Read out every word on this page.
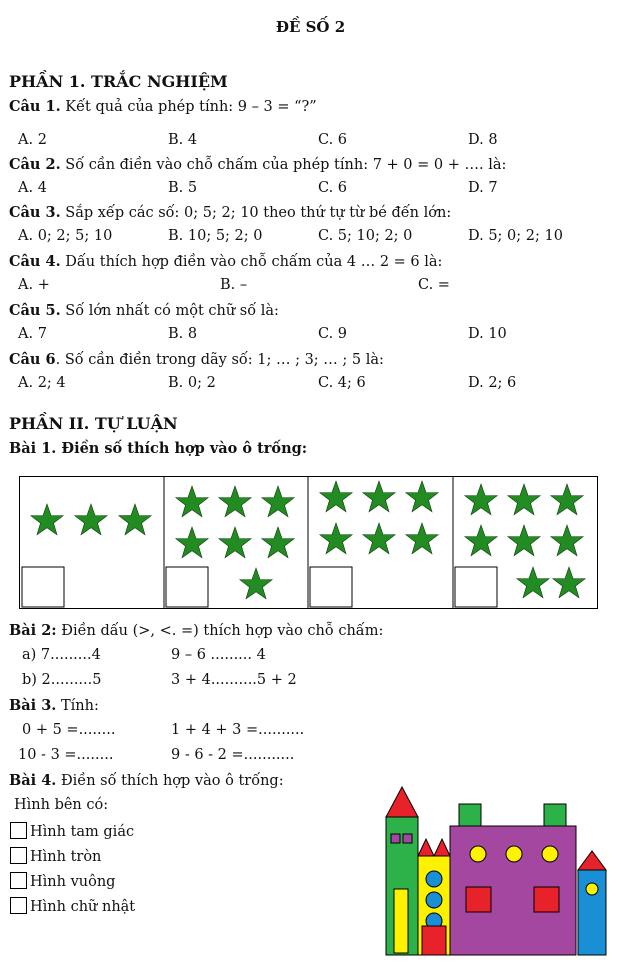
ĐỀ SỐ 2
PHẦN 1. TRẮC NGHIỆM
Câu 1. Kết quả của phép tính: 9 – 3 = “?”
A. 2	B. 4	C. 6	D. 8
Câu 2. Số cần điền vào chỗ chấm của phép tính: 7 + 0 = 0 + …. là:
A. 4	B. 5	C. 6	D. 7
Câu 3. Sắp xếp các số: 0; 5; 2; 10 theo thứ tự từ bé đến lớn:
A. 0; 2; 5; 10	B. 10; 5; 2; 0	C. 5; 10; 2; 0	D. 5; 0; 2; 10
Câu 4. Dấu thích hợp điền vào chỗ chấm của 4 … 2 = 6 là:
A. +	B. –	C. =
Câu 5. Số lớn nhất có một chữ số là:
A. 7	B. 8	C. 9	D. 10
Câu 6. Số cần điền trong dãy số: 1; … ; 3; … ; 5 là:
A. 2; 4	B. 0; 2	C. 4; 6	D. 2; 6
PHẦN II. TỰ LUẬN
Bài 1. Điền số thích hợp vào ô trống:
Bài 2: Điền dấu (>, <. =) thích hợp vào chỗ chấm:
a) 7.........4	9 – 6 ......... 4
b) 2.........5	3 + 4..........5 + 2
Bài 3. Tính:
0 + 5 =........	1 + 4 + 3 =..........
10 - 3 =........	9 - 6 - 2 =...........
Bài 4. Điền số thích hợp vào ô trống:
Hình bên có:
Hình tam giác
Hình tròn
Hình vuông
Hình chữ nhật
